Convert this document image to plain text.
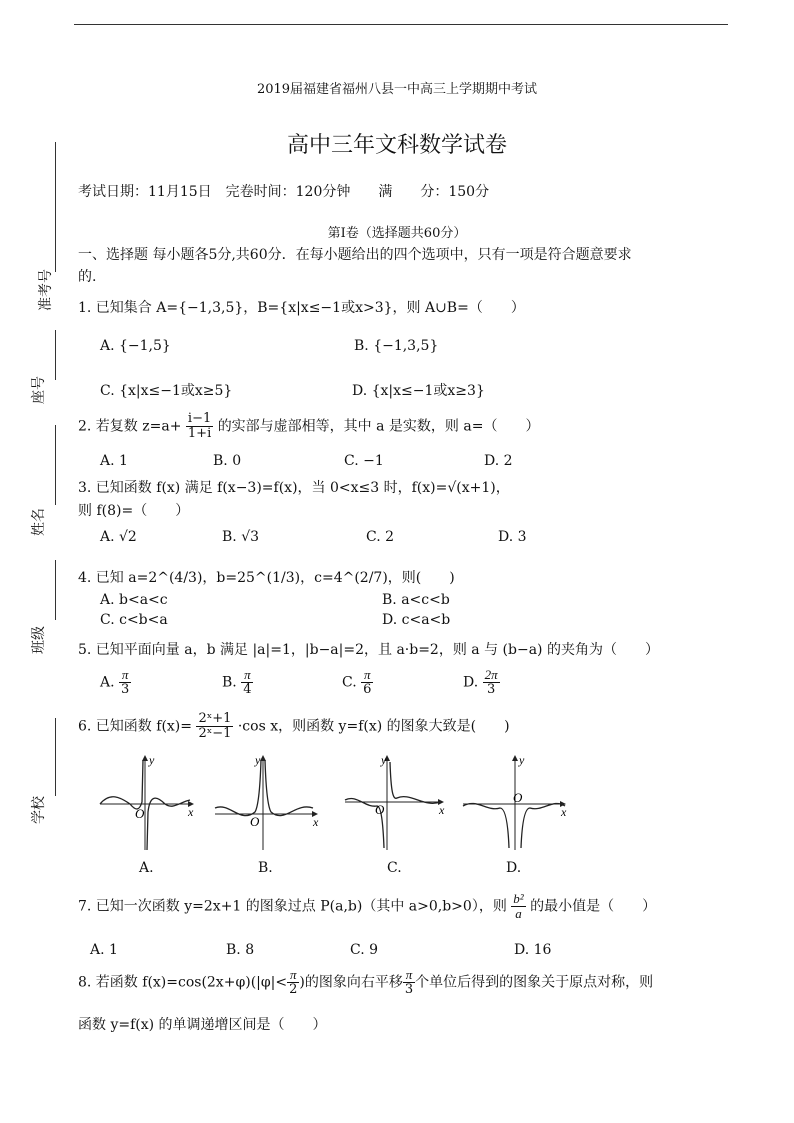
准考号
座号
姓名
班级
学校
2019届福建省福州八县一中高三上学期期中考试
高中三年文科数学试卷
考试日期：11月15日　完卷时间：120分钟　　满　　分：150分
第Ⅰ卷（选择题共60分）
一、选择题 每小题各5分,共60分．在每小题给出的四个选项中，只有一项是符合题意要求
的.
1. 已知集合 A={−1,3,5}，B={x|x≤−1或x>3}，则 A∪B=（　　）
A. {−1,5}	B. {−1,3,5}
C. {x|x≤−1或x≥5}	D. {x|x≤−1或x≥3}
2. 若复数 $z=a+ \frac{i-1}{1+i}$ 的实部与虚部相等，其中 a 是实数，则 a=（　　）
A. 1	B. 0	C. −1	D. 2
3. 已知函数 f(x) 满足 f(x−3)=f(x)，当 0<x≤3 时，f(x)=√(x+1)，
则 f(8)=（　　）
A. √2	B. √3	C. 2	D. 3
4. 已知 a=2^(4/3)，b=25^(1/3)，c=4^(2/7)，则(　　)
A. b<a<c	B. a<c<b
C. c<b<a	D. c<a<b
5. 已知平面向量 a，b 满足 |a|=1，|b−a|=2，且 a·b=2，则 a 与 (b−a) 的夹角为（　　）
A. $\frac{\pi}{3}$	B. $\frac{\pi}{4}$	C. $\frac{\pi}{6}$	D. $\frac{2\pi}{3}$
6. 已知函数 $f(x)= \frac{\text{2ˣ+1}}{\text{2ˣ−1}} \cdot\cos$ x，则函数 y=f(x) 的图象大致是(　　)
y
x
O
y
x
O
y
x
O
y
x
O
A.	B.	C.	D.
7. 已知一次函数 y=2x+1 的图象过点 P(a,b)（其中 a>0,b>0），则 $\frac{\text{b²}}{a}$ 的最小值是（　　）
A. 1	B. 8	C. 9	D. 16
8. 若函数 $f(x)=\cos(2x+\varphi)(|\varphi|< \frac{\pi}{2}$ )的图象向右平移 $\frac{\pi}{3}$ 个单位后得到的图象关于原点对称，则
函数 y=f(x) 的单调递增区间是（　　）
